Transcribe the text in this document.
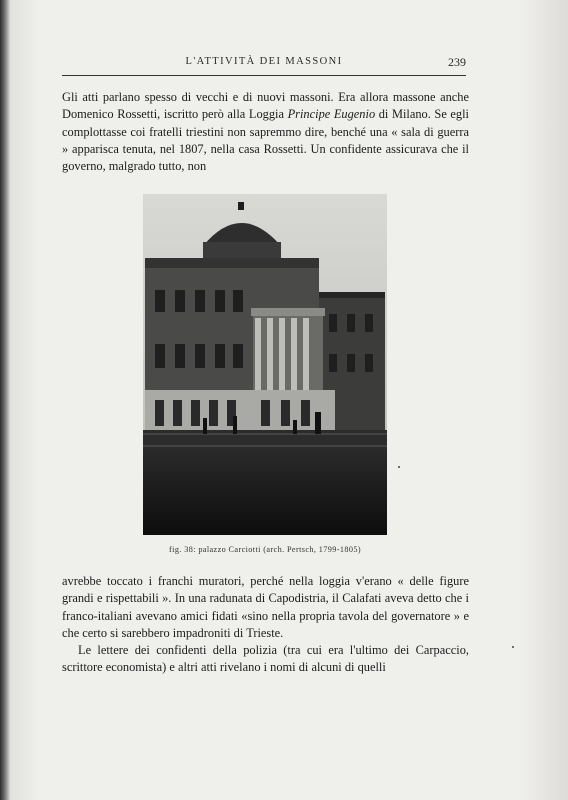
L'ATTIVITÀ DEI MASSONI	239

Gli atti parlano spesso di vecchi e di nuovi massoni. Era allora massone anche Domenico Rossetti, iscritto però alla Loggia Principe Eugenio di Milano. Se egli complottasse coi fratelli triestini non sapremmo dire, benché una « sala di guerra » apparisca tenuta, nel 1807, nella casa Rossetti. Un confidente assicurava che il governo, malgrado tutto, non

fig. 38: palazzo Carciotti (arch. Pertsch, 1799-1805)

avrebbe toccato i franchi muratori, perché nella loggia v'erano « delle figure grandi e rispettabili ». In una radunata di Capodistria, il Calafati aveva detto che i franco-italiani avevano amici fidati «sino nella propria tavola del governatore » e che certo si sarebbero impadroniti di Trieste.

Le lettere dei confidenti della polizia (tra cui era l'ultimo dei Carpaccio, scrittore economista) e altri atti rivelano i nomi di alcuni di quelli
